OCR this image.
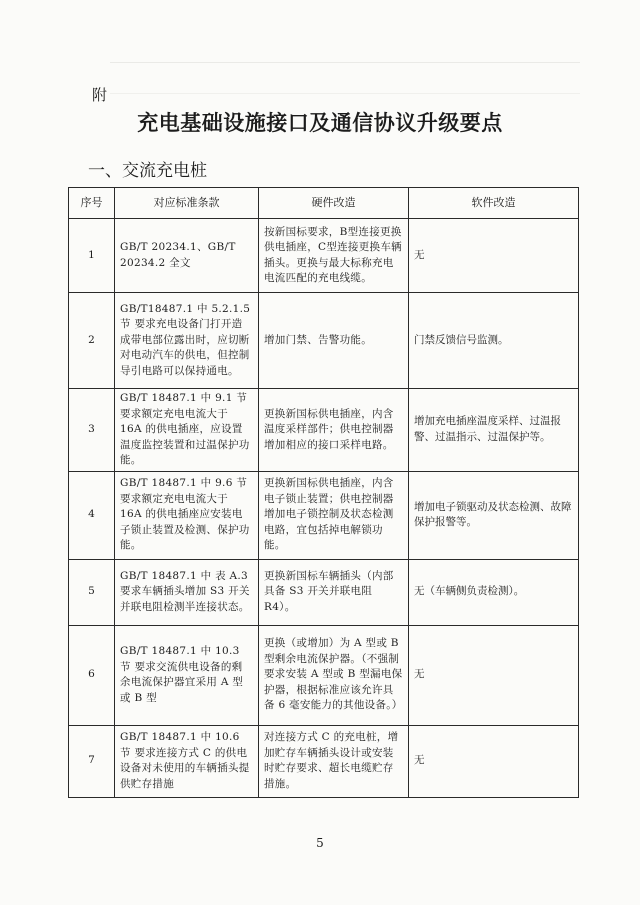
附
充电基础设施接口及通信协议升级要点
一、交流充电桩
序号	对应标准条款	硬件改造	软件改造
1	GB/T 20234.1、GB/T 20234.2 全文	按新国标要求，B型连接更换供电插座，C型连接更换车辆插头。更换与最大标称充电电流匹配的充电线缆。	无
2	GB/T18487.1 中 5.2.1.5 节 要求充电设备门打开造成带电部位露出时，应切断对电动汽车的供电，但控制导引电路可以保持通电。	增加门禁、告警功能。	门禁反馈信号监测。
3	GB/T 18487.1 中 9.1 节 要求额定充电电流大于 16A 的供电插座，应设置温度监控装置和过温保护功能。	更换新国标供电插座，内含温度采样部件；供电控制器增加相应的接口采样电路。	增加充电插座温度采样、过温报警、过温指示、过温保护等。
4	GB/T 18487.1 中 9.6 节 要求额定充电电流大于 16A 的供电插座应安装电子锁止装置及检测、保护功能。	更换新国标供电插座，内含电子锁止装置；供电控制器增加电子锁控制及状态检测电路，宜包括掉电解锁功能。	增加电子锁驱动及状态检测、故障保护报警等。
5	GB/T 18487.1 中 表 A.3 要求车辆插头增加 S3 开关并联电阻检测半连接状态。	更换新国标车辆插头（内部具备 S3 开关并联电阻 R4）。	无（车辆侧负责检测）。
6	GB/T 18487.1 中 10.3 节 要求交流供电设备的剩余电流保护器宜采用 A 型或 B 型	更换（或增加）为 A 型或 B 型剩余电流保护器。（不强制要求安装 A 型或 B 型漏电保护器，根据标准应该允许具备 6 毫安能力的其他设备。）	无
7	GB/T 18487.1 中 10.6 节 要求连接方式 C 的供电设备对未使用的车辆插头提供贮存措施	对连接方式 C 的充电桩，增加贮存车辆插头设计或安装时贮存要求、超长电缆贮存措施。	无
5
